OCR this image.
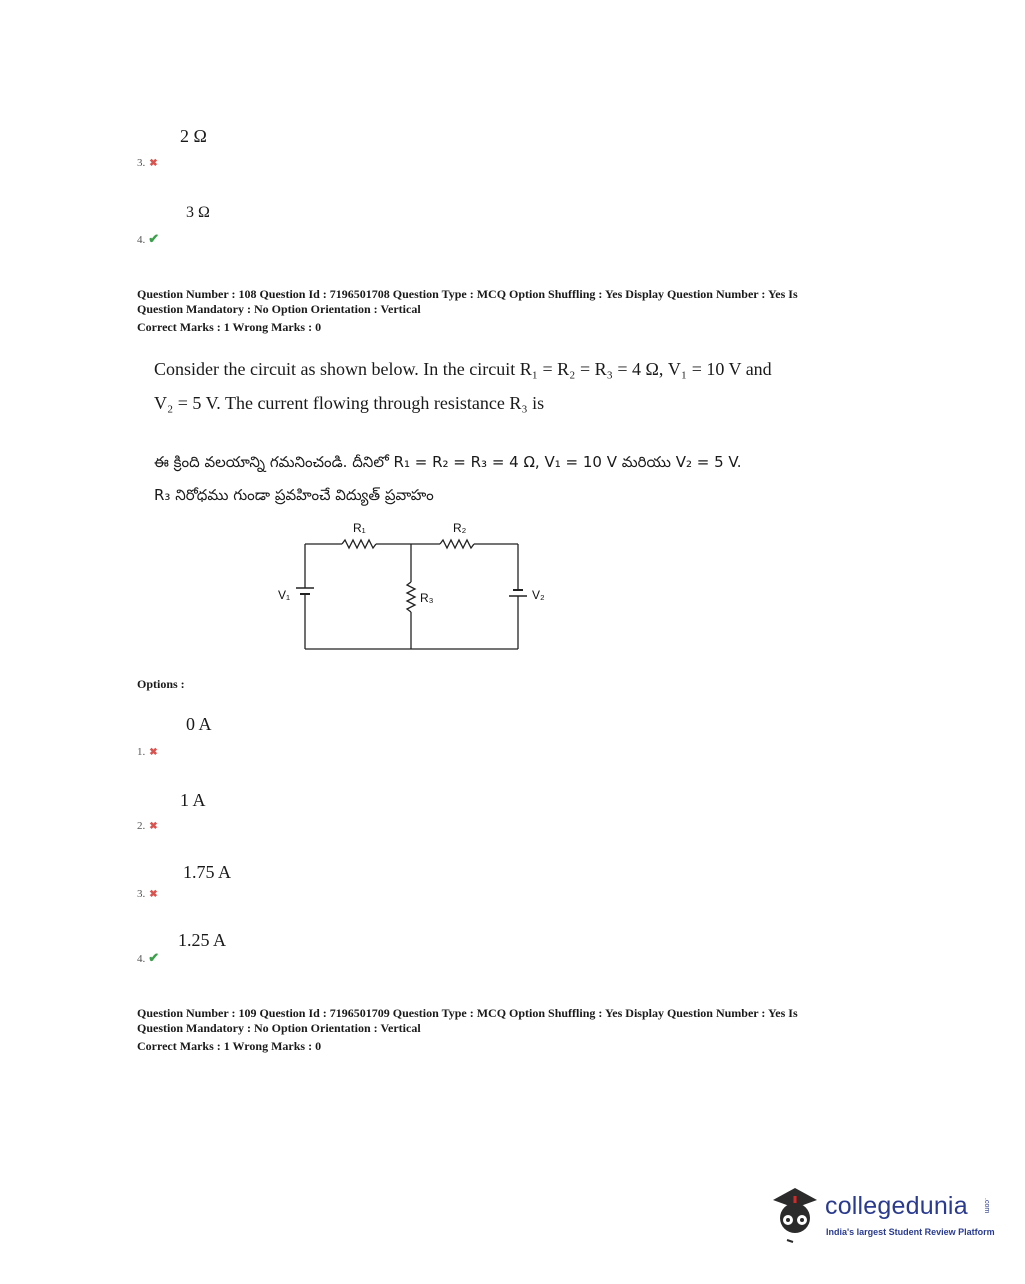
2 Ω
3. ✖
3 Ω
4. ✔
Question Number : 108 Question Id : 7196501708 Question Type : MCQ Option Shuffling : Yes Display Question Number : Yes Is
Question Mandatory : No Option Orientation : Vertical
Correct Marks : 1 Wrong Marks : 0
Consider the circuit as shown below. In the circuit R₁ = R₂ = R₃ = 4 Ω, V₁ = 10 V and
V₂ = 5 V. The current flowing through resistance R₃ is
ఈ క్రింది వలయాన్ని గమనించండి. దీనిలో R₁ = R₂ = R₃ = 4 Ω, V₁ = 10 V మరియు V₂ = 5 V.
R₃ నిరోధము గుండా ప్రవహించే విద్యుత్ ప్రవాహం
R₁	R₂
R₃
V₁	V₂
Options :
0 A
1. ✖
1 A
2. ✖
1.75 A
3. ✖
1.25 A
4. ✔
Question Number : 109 Question Id : 7196501709 Question Type : MCQ Option Shuffling : Yes Display Question Number : Yes Is
Question Mandatory : No Option Orientation : Vertical
Correct Marks : 1 Wrong Marks : 0
collegedunia .com
India's largest Student Review Platform
